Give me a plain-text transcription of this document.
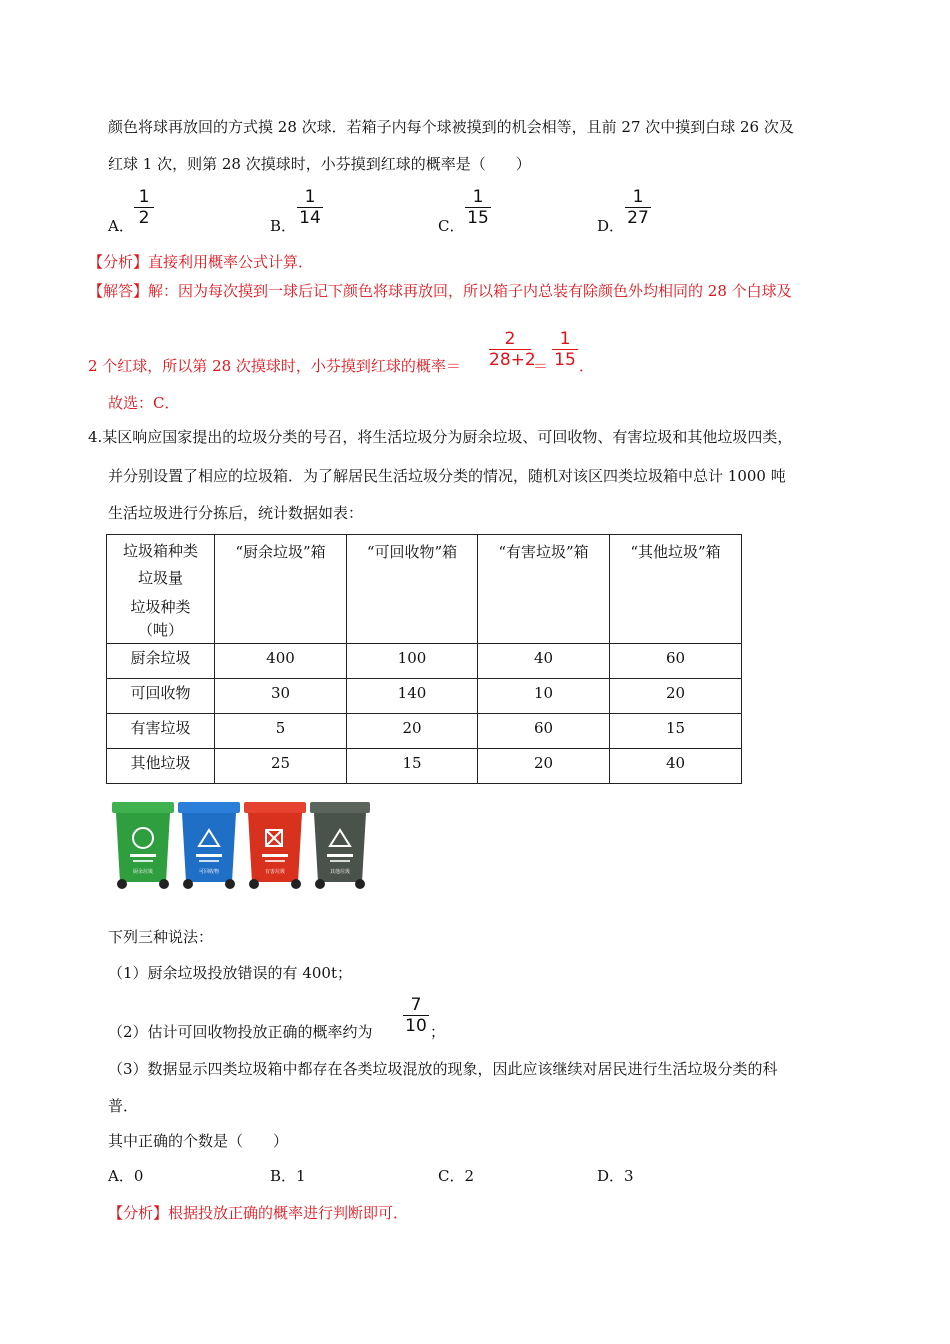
颜色将球再放回的方式摸 28 次球．若箱子内每个球被摸到的机会相等，且前 27 次中摸到白球 26 次及
红球 1 次，则第 28 次摸球时，小芬摸到红球的概率是（　　）
A．
1
2	B．
1
14	C．
1
15	D．
1
27
【分析】直接利用概率公式计算．
【解答】解：因为每次摸到一球后记下颜色将球再放回，所以箱子内总装有除颜色外均相同的 28 个白球及
2 个红球，所以第 28 次摸球时，小芬摸到红球的概率＝
2
28+2
＝
1
15 ．
故选：C．
4.某区响应国家提出的垃圾分类的号召，将生活垃圾分为厨余垃圾、可回收物、有害垃圾和其他垃圾四类，
并分别设置了相应的垃圾箱．为了解居民生活垃圾分类的情况，随机对该区四类垃圾箱中总计 1000 吨
生活垃圾进行分拣后，统计数据如表：
垃圾箱种类
垃圾量
垃圾种类
（吨）	“厨余垃圾”箱	“可回收物”箱	“有害垃圾”箱	“其他垃圾”箱

厨余垃圾	400	100	40	60
可回收物	30	140	10	20
有害垃圾	5	20	60	15
其他垃圾	25	15	20	40
厨余垃圾	可回收物	有害垃圾	其他垃圾
下列三种说法：
（1）厨余垃圾投放错误的有 400t；
（2）估计可回收物投放正确的概率约为
7
10 ；
（3）数据显示四类垃圾箱中都存在各类垃圾混放的现象，因此应该继续对居民进行生活垃圾分类的科
普．
其中正确的个数是（　　）
A．0	B．1	C．2	D．3
【分析】根据投放正确的概率进行判断即可．
